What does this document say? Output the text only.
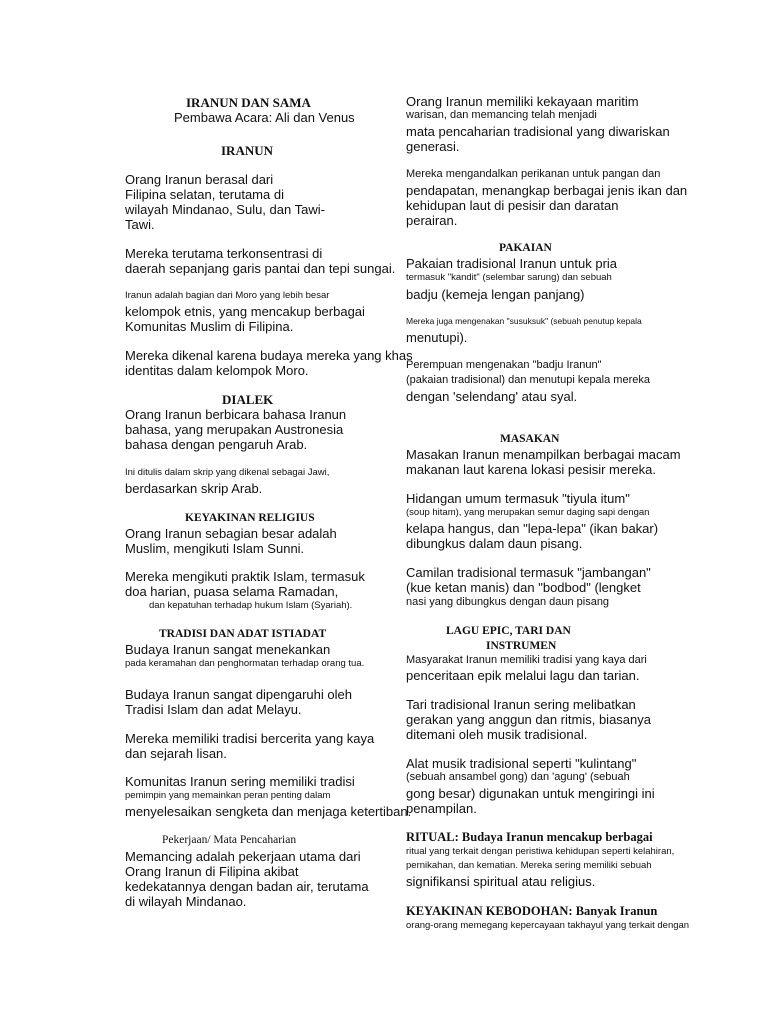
IRANUN DAN SAMA
Pembawa Acara: Ali dan Venus
IRANUN
Orang Iranun berasal dari
Filipina selatan, terutama di
wilayah Mindanao, Sulu, dan Tawi-
Tawi.
Mereka terutama terkonsentrasi di
daerah sepanjang garis pantai dan tepi sungai.
Iranun adalah bagian dari Moro yang lebih besar
kelompok etnis, yang mencakup berbagai
Komunitas Muslim di Filipina.
Mereka dikenal karena budaya mereka yang khas
identitas dalam kelompok Moro.
DIALEK
Orang Iranun berbicara bahasa Iranun
bahasa, yang merupakan Austronesia
bahasa dengan pengaruh Arab.
Ini ditulis dalam skrip yang dikenal sebagai Jawi,
berdasarkan skrip Arab.
KEYAKINAN RELIGIUS
Orang Iranun sebagian besar adalah
Muslim, mengikuti Islam Sunni.
Mereka mengikuti praktik Islam, termasuk
doa harian, puasa selama Ramadan,
dan kepatuhan terhadap hukum Islam (Syariah).
TRADISI DAN ADAT ISTIADAT
Budaya Iranun sangat menekankan
pada keramahan dan penghormatan terhadap orang tua.
Budaya Iranun sangat dipengaruhi oleh
Tradisi Islam dan adat Melayu.
Mereka memiliki tradisi bercerita yang kaya
dan sejarah lisan.
Komunitas Iranun sering memiliki tradisi
pemimpin yang memainkan peran penting dalam
menyelesaikan sengketa dan menjaga ketertiban.
Pekerjaan/ Mata Pencaharian
Memancing adalah pekerjaan utama dari
Orang Iranun di Filipina akibat
kedekatannya dengan badan air, terutama
di wilayah Mindanao.
Orang Iranun memiliki kekayaan maritim
warisan, dan memancing telah menjadi
mata pencaharian tradisional yang diwariskan
generasi.
Mereka mengandalkan perikanan untuk pangan dan
pendapatan, menangkap berbagai jenis ikan dan
kehidupan laut di pesisir dan daratan
perairan.
PAKAIAN
Pakaian tradisional Iranun untuk pria
termasuk "kandit" (selembar sarung) dan sebuah
badju (kemeja lengan panjang)
Mereka juga mengenakan "susuksuk" (sebuah penutup kepala
menutupi).
Perempuan mengenakan "badju Iranun"
(pakaian tradisional) dan menutupi kepala mereka
dengan 'selendang' atau syal.
MASAKAN
Masakan Iranun menampilkan berbagai macam
makanan laut karena lokasi pesisir mereka.
Hidangan umum termasuk "tiyula itum"
(soup hitam), yang merupakan semur daging sapi dengan
kelapa hangus, dan "lepa-lepa" (ikan bakar)
dibungkus dalam daun pisang.
Camilan tradisional termasuk "jambangan"
(kue ketan manis) dan "bodbod" (lengket
nasi yang dibungkus dengan daun pisang
LAGU EPIC, TARI DAN
INSTRUMEN
Masyarakat Iranun memiliki tradisi yang kaya dari
penceritaan epik melalui lagu dan tarian.
Tari tradisional Iranun sering melibatkan
gerakan yang anggun dan ritmis, biasanya
ditemani oleh musik tradisional.
Alat musik tradisional seperti "kulintang"
(sebuah ansambel gong) dan 'agung' (sebuah
gong besar) digunakan untuk mengiringi ini
penampilan.
RITUAL: Budaya Iranun mencakup berbagai
ritual yang terkait dengan peristiwa kehidupan seperti kelahiran,
pernikahan, dan kematian. Mereka sering memiliki sebuah
signifikansi spiritual atau religius.
KEYAKINAN KEBODOHAN: Banyak Iranun
orang-orang memegang kepercayaan takhayul yang terkait dengan
